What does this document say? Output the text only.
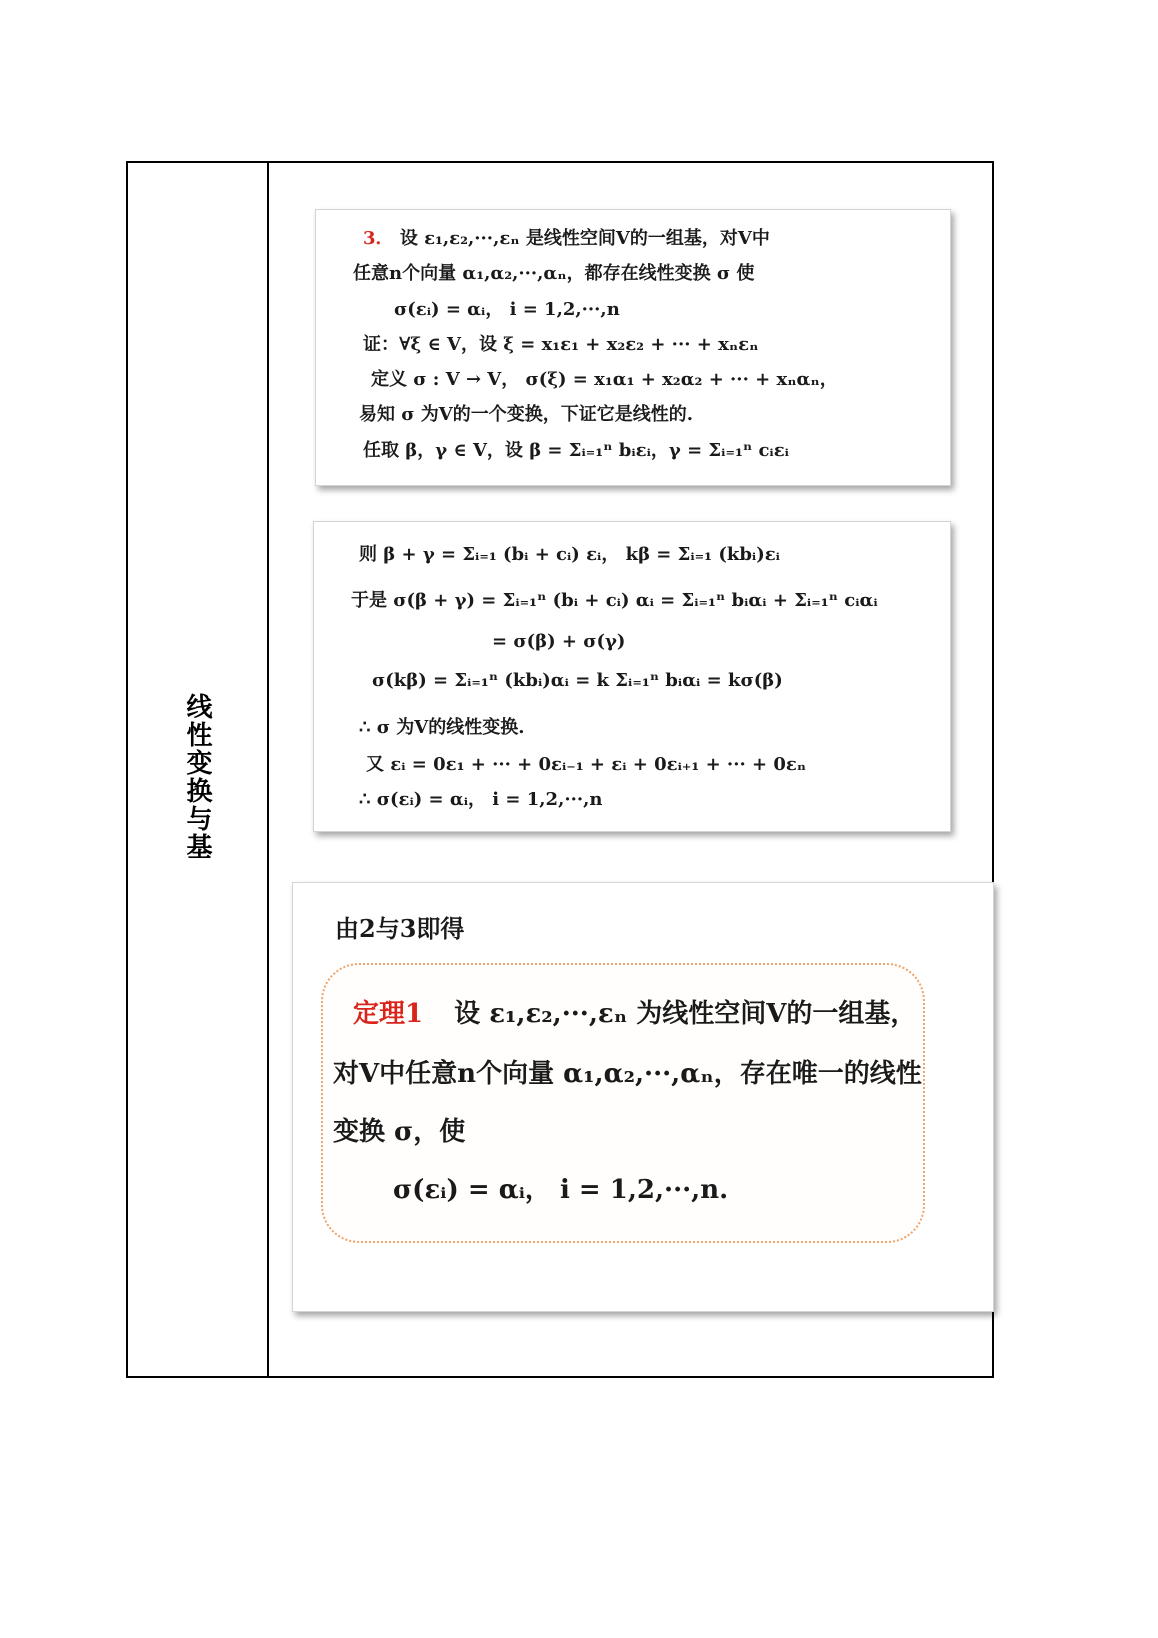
线性变换与基
3． 设 ε₁,ε₂,···,εₙ 是线性空间V的一组基，对V中
任意n个向量 α₁,α₂,···,αₙ，都存在线性变换 σ 使
σ(εᵢ) = αᵢ， i = 1,2,···,n
证：∀ξ ∈ V，设 ξ = x₁ε₁ + x₂ε₂ + ··· + xₙεₙ
定义 σ : V → V， σ(ξ) = x₁α₁ + x₂α₂ + ··· + xₙαₙ，
易知 σ 为V的一个变换，下证它是线性的.
任取 β，γ ∈ V，设 β = Σᵢ₌₁ⁿ bᵢεᵢ，γ = Σᵢ₌₁ⁿ cᵢεᵢ
则 β + γ = Σᵢ₌₁ (bᵢ + cᵢ) εᵢ， kβ = Σᵢ₌₁ (kbᵢ)εᵢ
于是 σ(β + γ) = Σᵢ₌₁ⁿ (bᵢ + cᵢ) αᵢ = Σᵢ₌₁ⁿ bᵢαᵢ + Σᵢ₌₁ⁿ cᵢαᵢ
= σ(β) + σ(γ)
σ(kβ) = Σᵢ₌₁ⁿ (kbᵢ)αᵢ = k Σᵢ₌₁ⁿ bᵢαᵢ = kσ(β)
∴ σ 为V的线性变换.
又 εᵢ = 0ε₁ + ··· + 0εᵢ₋₁ + εᵢ + 0εᵢ₊₁ + ··· + 0εₙ
∴ σ(εᵢ) = αᵢ， i = 1,2,···,n
由2与3即得
定理1 设 ε₁,ε₂,···,εₙ 为线性空间V的一组基，
对V中任意n个向量 α₁,α₂,···,αₙ，存在唯一的线性
变换 σ，使
σ(εᵢ) = αᵢ， i = 1,2,···,n.
